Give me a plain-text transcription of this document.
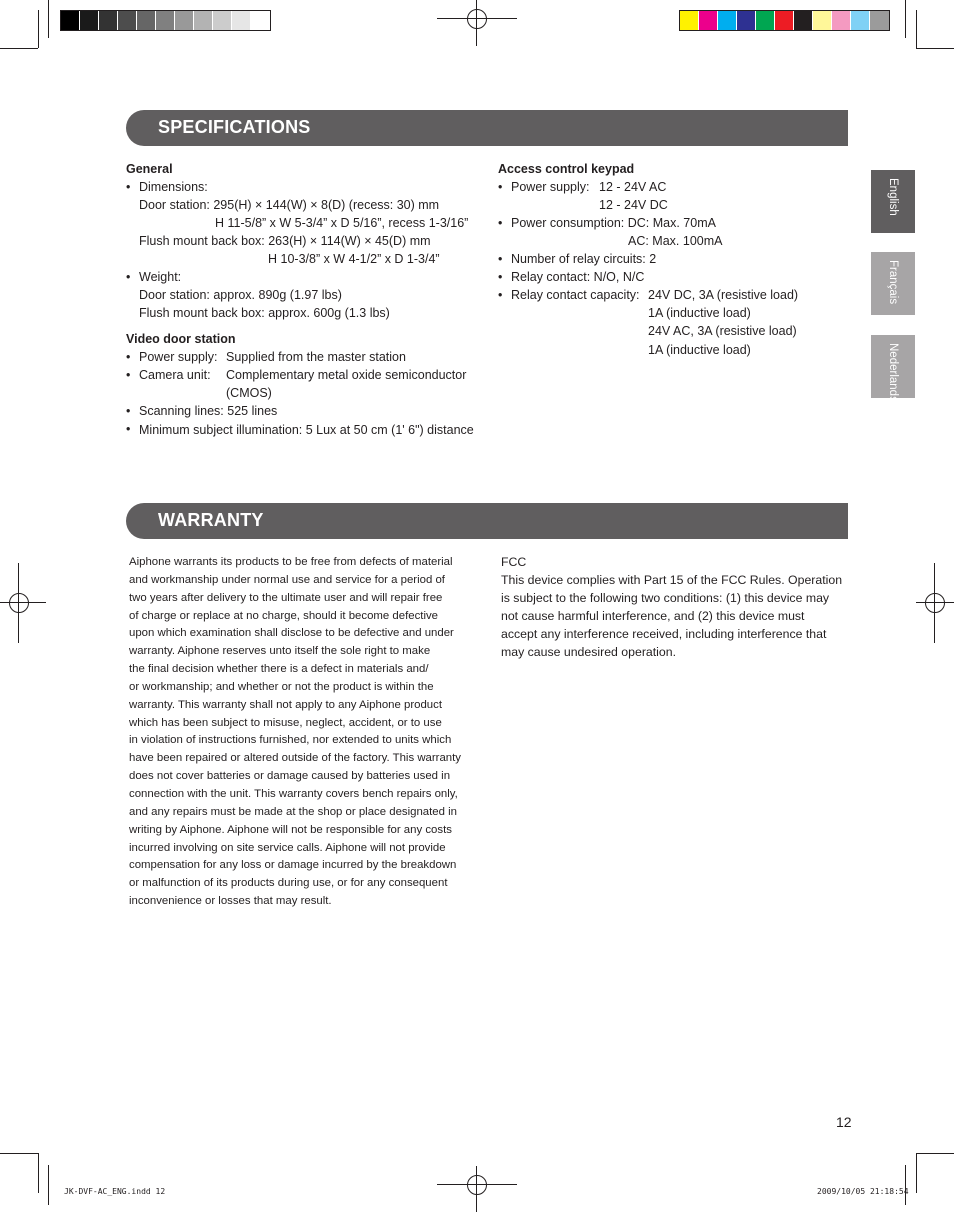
English
Français
Nederlands
SPECIFICATIONS
General
• Dimensions:
Door station: 295(H) × 144(W) × 8(D) (recess: 30) mm
H 11-5/8” x W 5-3/4” x D 5/16”, recess 1-3/16”
Flush mount back box: 263(H) × 114(W) × 45(D) mm
H 10-3/8” x W 4-1/2” x D 1-3/4”
• Weight:
Door station: approx. 890g (1.97 lbs)
Flush mount back box: approx. 600g (1.3 lbs)
Video door station
• Power supply: Supplied from the master station
• Camera unit: Complementary metal oxide semiconductor
(CMOS)
• Scanning lines: 525 lines
• Minimum subject illumination: 5 Lux at 50 cm (1' 6") distance
Access control keypad
• Power supply: 12 - 24V AC
12 - 24V DC
• Power consumption: DC: Max. 70mA
AC: Max. 100mA
• Number of relay circuits: 2
• Relay contact: N/O, N/C
• Relay contact capacity: 24V DC, 3A (resistive load)
1A (inductive load)
24V AC, 3A (resistive load)
1A (inductive load)
WARRANTY
Aiphone warrants its products to be free from defects of material
and workmanship under normal use and service for a period of
two years after delivery to the ultimate user and will repair free
of charge or replace at no charge, should it become defective
upon which examination shall disclose to be defective and under
warranty. Aiphone reserves unto itself the sole right to make
the final decision whether there is a defect in materials and/
or workmanship; and whether or not the product is within the
warranty. This warranty shall not apply to any Aiphone product
which has been subject to misuse, neglect, accident, or to use
in violation of instructions furnished, nor extended to units which
have been repaired or altered outside of the factory. This warranty
does not cover batteries or damage caused by batteries used in
connection with the unit. This warranty covers bench repairs only,
and any repairs must be made at the shop or place designated in
writing by Aiphone. Aiphone will not be responsible for any costs
incurred involving on site service calls. Aiphone will not provide
compensation for any loss or damage incurred by the breakdown
or malfunction of its products during use, or for any consequent
inconvenience or losses that may result.
FCC
This device complies with Part 15 of the FCC Rules. Operation
is subject to the following two conditions: (1) this device may
not cause harmful interference, and (2) this device must
accept any interference received, including interference that
may cause undesired operation.
12
JK-DVF-AC_ENG.indd 12	2009/10/05 21:18:54
